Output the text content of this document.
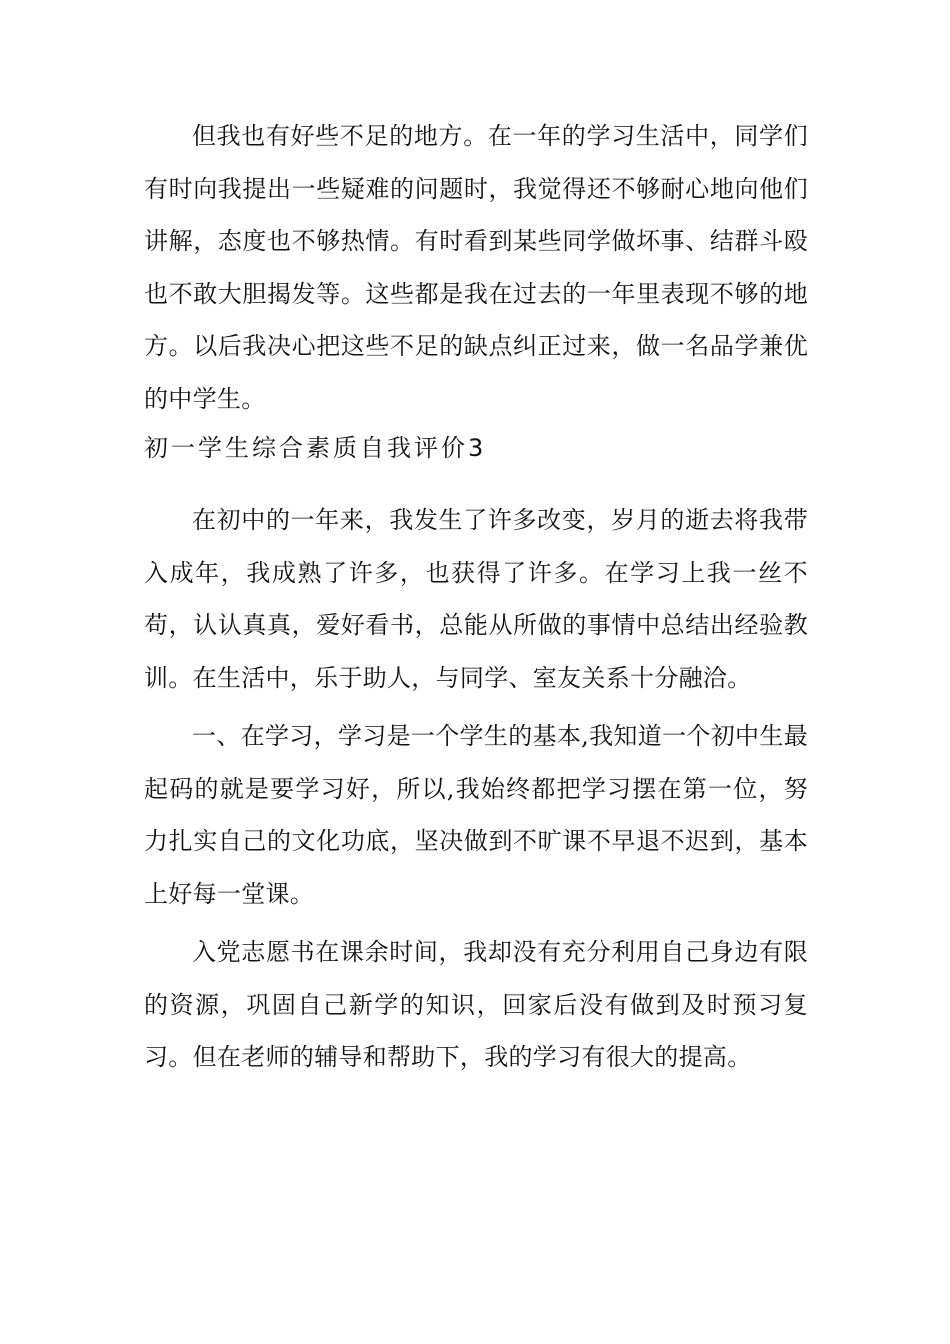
但我也有好些不足的地方。在一年的学习生活中，同学们有时向我提出一些疑难的问题时，我觉得还不够耐心地向他们讲解，态度也不够热情。有时看到某些同学做坏事、结群斗殴也不敢大胆揭发等。这些都是我在过去的一年里表现不够的地方。以后我决心把这些不足的缺点纠正过来，做一名品学兼优的中学生。

初一学生综合素质自我评价3

在初中的一年来，我发生了许多改变，岁月的逝去将我带入成年，我成熟了许多，也获得了许多。在学习上我一丝不苟，认认真真，爱好看书，总能从所做的事情中总结出经验教训。在生活中，乐于助人，与同学、室友关系十分融洽。

一、在学习，学习是一个学生的基本,我知道一个初中生最起码的就是要学习好，所以,我始终都把学习摆在第一位，努力扎实自己的文化功底，坚决做到不旷课不早退不迟到，基本上好每一堂课。

入党志愿书在课余时间，我却没有充分利用自己身边有限的资源，巩固自己新学的知识，回家后没有做到及时预习复习。但在老师的辅导和帮助下，我的学习有很大的提高。
